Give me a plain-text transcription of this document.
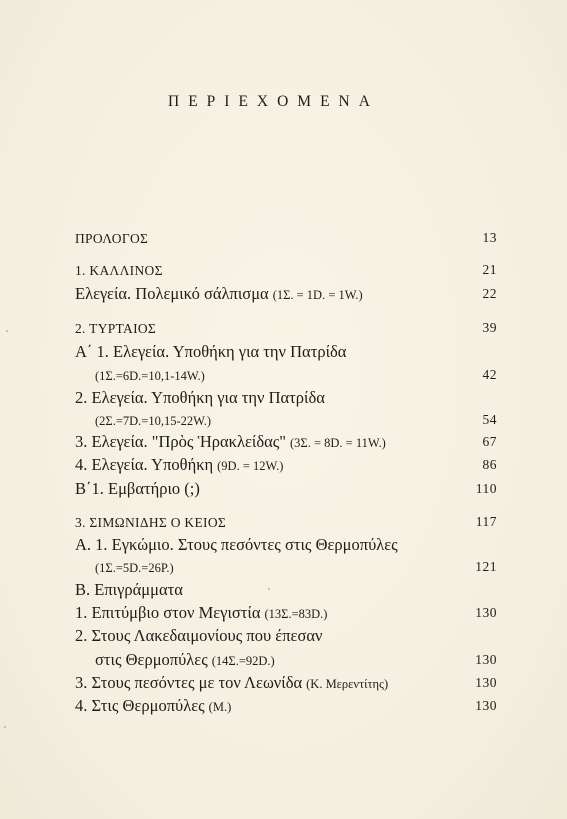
ΠΕΡΙΕΧΟΜΕΝΑ
ΠΡΟΛΟΓΟΣ	13
1. ΚΑΛΛΙΝΟΣ	21
Ελεγεία. Πολεμικό σάλπισμα (1Σ. = 1D. = 1W.)	22
2. ΤΥΡΤΑΙΟΣ	39
Α΄ 1. Ελεγεία. Υποθήκη για την Πατρίδα
(1Σ.=6D.=10,1-14W.)	42
2. Ελεγεία. Υποθήκη για την Πατρίδα
(2Σ.=7D.=10,15-22W.)	54
3. Ελεγεία. "Πρὸς Ἡρακλείδας" (3Σ. = 8D. = 11W.)	67
4. Ελεγεία. Υποθήκη (9D. = 12W.)	86
Β΄1. Εμβατήριο (;)	110
3. ΣΙΜΩΝΙΔΗΣ Ο ΚΕΙΟΣ	117
Α. 1. Εγκώμιο. Στους πεσόντες στις Θερμοπύλες
(1Σ.=5D.=26P.)	121
Β. Επιγράμματα
1. Επιτύμβιο στον Μεγιστία (13Σ.=83D.)	130
2. Στους Λακεδαιμονίους που έπεσαν
στις Θερμοπύλες (14Σ.=92D.)	130
3. Στους πεσόντες με τον Λεωνίδα (Κ. Μερεντίτης)	130
4. Στις Θερμοπύλες (Μ.)	130
